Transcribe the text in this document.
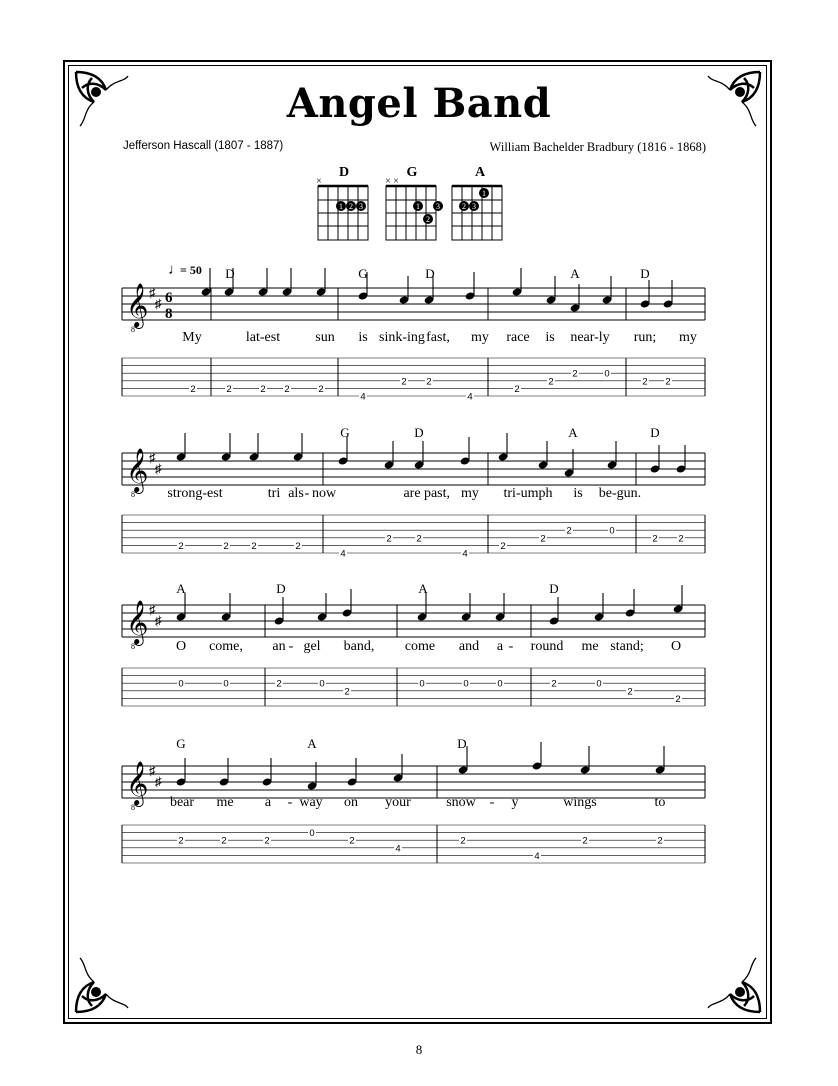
Angel Band
Jefferson Hascall (1807 - 1887)	William Bachelder Bradbury (1816 - 1868)
D
×
1 2 3
G
× ×
1
2
3
A
1
2 3
𝄞
8
♯
♯ 6
8
♩
= 50 D	G	D	A	D
My	lat-est	sun is sink-ing fast, my race is near-ly run; my
2	2	2 2	2
4
2 2
4
2
2
2	0
2 2
𝄞
8
♯
♯
G	D	A	D
strong-est	tri -
als now	are past, my tri-umph is be-gun.
2	2 2	2
4
2	2
4
2
2
2	0
2 2
𝄞
8
♯
♯
A	D	A	D
O come, an - gel band, come and a - round me stand; O
0	0	2	0
2
0	0	0	2	0
2
2
𝄞
8
♯
♯
G	A	D
bear me a - way on your	snow - y	wings	to
2	2	2
0
2
4
2
4
2	2
8
